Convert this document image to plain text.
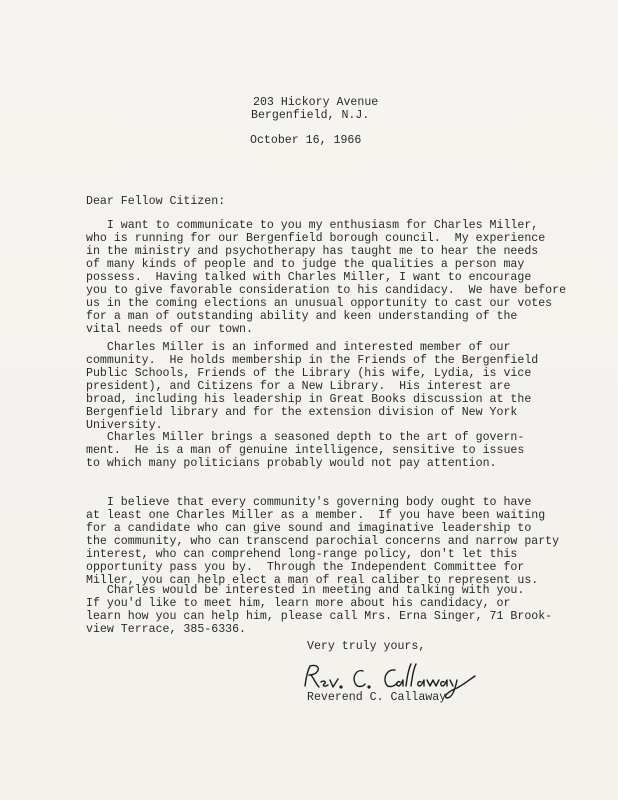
203 Hickory Avenue
Bergenfield, N.J.
October 16, 1966
Dear Fellow Citizen:
I want to communicate to you my enthusiasm for Charles Miller,
who is running for our Bergenfield borough council.  My experience
in the ministry and psychotherapy has taught me to hear the needs
of many kinds of people and to judge the qualities a person may
possess.  Having talked with Charles Miller, I want to encourage
you to give favorable consideration to his candidacy.  We have before
us in the coming elections an unusual opportunity to cast our votes
for a man of outstanding ability and keen understanding of the
vital needs of our town.
Charles Miller is an informed and interested member of our
community.  He holds membership in the Friends of the Bergenfield
Public Schools, Friends of the Library (his wife, Lydia, is vice
president), and Citizens for a New Library.  His interest are
broad, including his leadership in Great Books discussion at the
Bergenfield library and for the extension division of New York
University.
Charles Miller brings a seasoned depth to the art of govern-
ment.  He is a man of genuine intelligence, sensitive to issues
to which many politicians probably would not pay attention.
I believe that every community's governing body ought to have
at least one Charles Miller as a member.  If you have been waiting
for a candidate who can give sound and imaginative leadership to
the community, who can transcend parochial concerns and narrow party
interest, who can comprehend long-range policy, don't let this
opportunity pass you by.  Through the Independent Committee for
Miller, you can help elect a man of real caliber to represent us.
Charles would be interested in meeting and talking with you.
If you'd like to meet him, learn more about his candidacy, or
learn how you can help him, please call Mrs. Erna Singer, 71 Brook-
view Terrace, 385-6336.
Very truly yours,
Reverend C. Callaway
